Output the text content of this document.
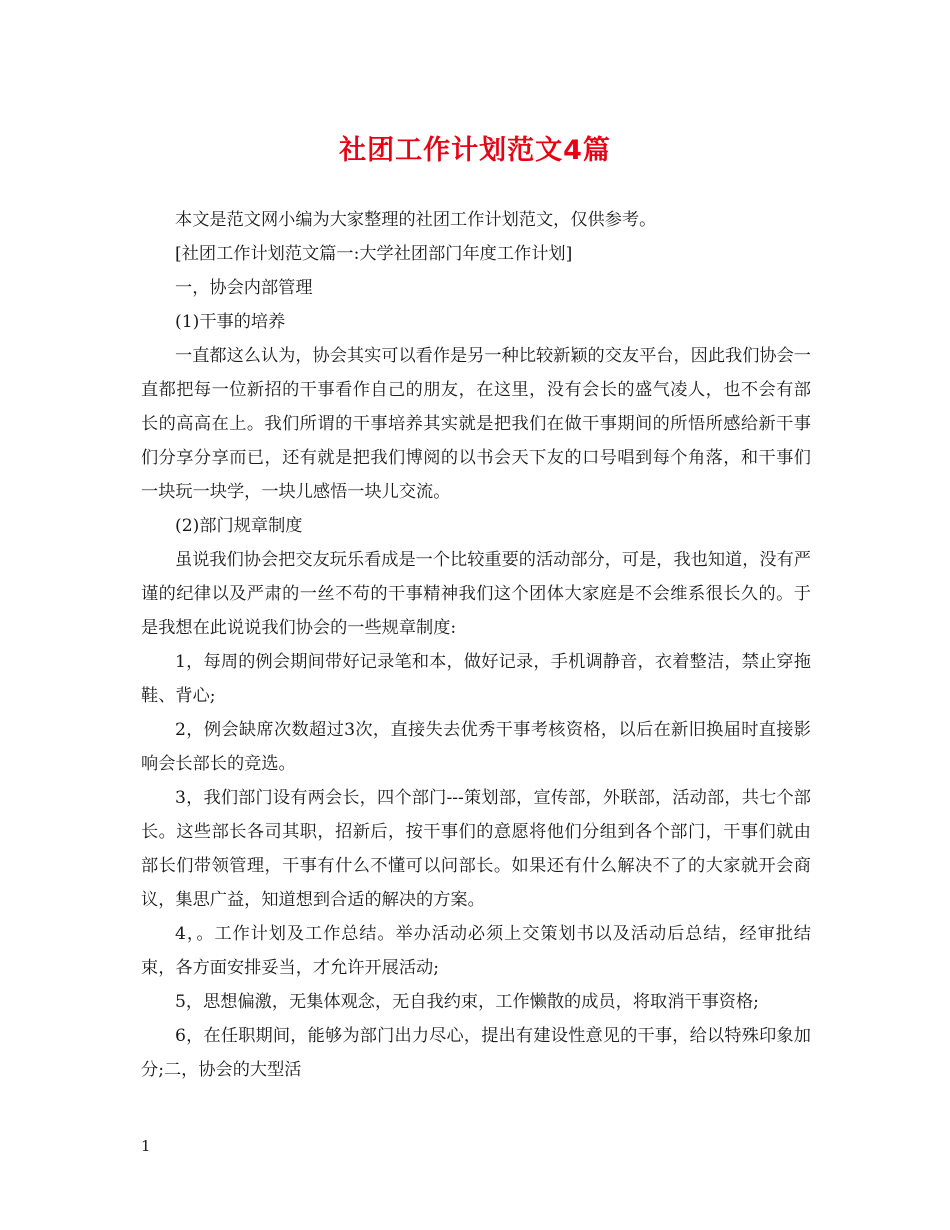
社团工作计划范文4篇

本文是范文网小编为大家整理的社团工作计划范文，仅供参考。

[社团工作计划范文篇一:大学社团部门年度工作计划]

一，协会内部管理

(1)干事的培养

一直都这么认为，协会其实可以看作是另一种比较新颖的交友平台，因此我们协会一直都把每一位新招的干事看作自己的朋友，在这里，没有会长的盛气凌人，也不会有部长的高高在上。我们所谓的干事培养其实就是把我们在做干事期间的所悟所感给新干事们分享分享而已，还有就是把我们博阅的以书会天下友的口号唱到每个角落，和干事们一块玩一块学，一块儿感悟一块儿交流。

(2)部门规章制度

虽说我们协会把交友玩乐看成是一个比较重要的活动部分，可是，我也知道，没有严谨的纪律以及严肃的一丝不苟的干事精神我们这个团体大家庭是不会维系很长久的。于是我想在此说说我们协会的一些规章制度:

1，每周的例会期间带好记录笔和本，做好记录，手机调静音，衣着整洁，禁止穿拖鞋、背心;

2，例会缺席次数超过3次，直接失去优秀干事考核资格，以后在新旧换届时直接影响会长部长的竞选。

3，我们部门设有两会长，四个部门---策划部，宣传部，外联部，活动部，共七个部长。这些部长各司其职，招新后，按干事们的意愿将他们分组到各个部门，干事们就由部长们带领管理，干事有什么不懂可以问部长。如果还有什么解决不了的大家就开会商议，集思广益，知道想到合适的解决的方案。

4，。工作计划及工作总结。举办活动必须上交策划书以及活动后总结，经审批结束，各方面安排妥当，才允许开展活动;

5，思想偏激，无集体观念，无自我约束，工作懒散的成员，将取消干事资格;

6，在任职期间，能够为部门出力尽心，提出有建设性意见的干事，给以特殊印象加分;二，协会的大型活

1
